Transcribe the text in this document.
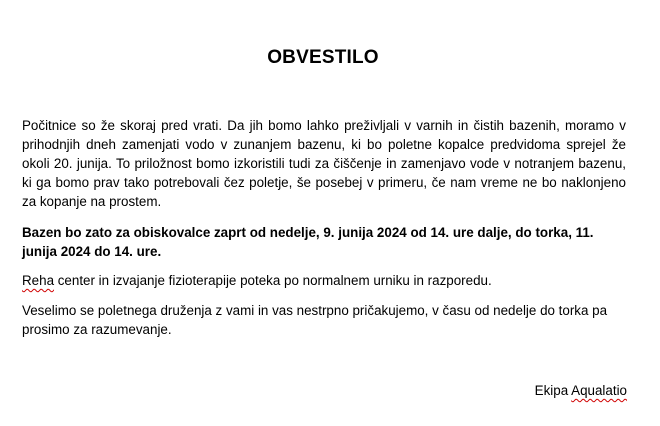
OBVESTILO
Počitnice so že skoraj pred vrati. Da jih bomo lahko preživljali v varnih in čistih bazenih, moramo v prihodnjih dneh zamenjati vodo v zunanjem bazenu, ki bo poletne kopalce predvidoma sprejel že okoli 20. junija. To priložnost bomo izkoristili tudi za čiščenje in zamenjavo vode v notranjem bazenu, ki ga bomo prav tako potrebovali čez poletje, še posebej v primeru, če nam vreme ne bo naklonjeno za kopanje na prostem.
Bazen bo zato za obiskovalce zaprt od nedelje, 9. junija 2024 od 14. ure dalje, do torka, 11. junija 2024 do 14. ure.
Reha center in izvajanje fizioterapije poteka po normalnem urniku in razporedu.
Veselimo se poletnega druženja z vami in vas nestrpno pričakujemo, v času od nedelje do torka pa prosimo za razumevanje.
Ekipa Aqualatio
